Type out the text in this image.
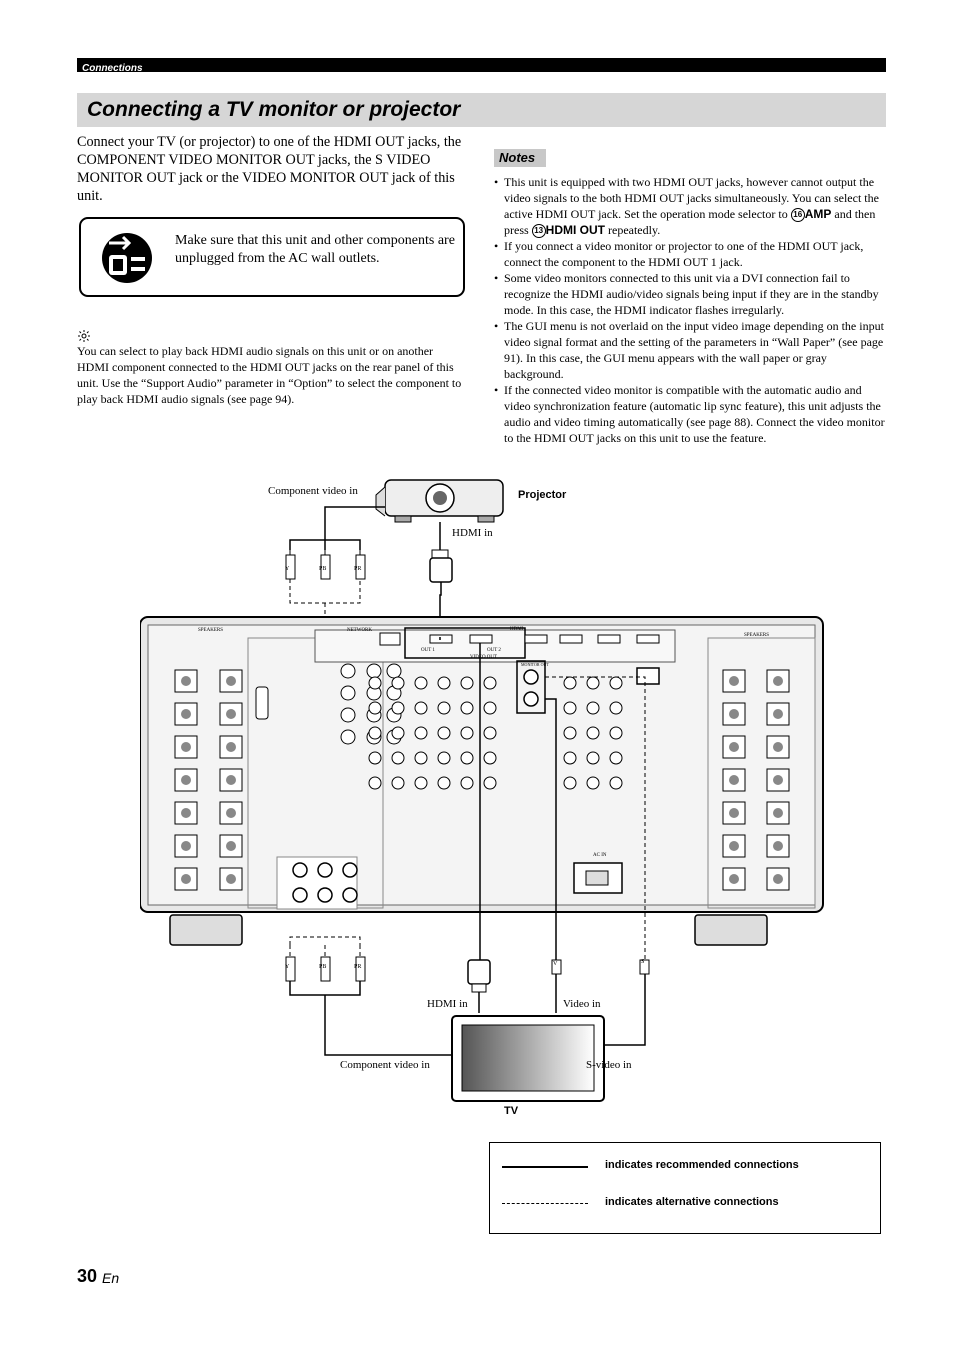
Connections
Connecting a TV monitor or projector

Connect your TV (or projector) to one of the HDMI OUT jacks, the COMPONENT VIDEO MONITOR OUT jacks, the S VIDEO MONITOR OUT jack or the VIDEO MONITOR OUT jack of this unit.

Make sure that this unit and other components are unplugged from the AC wall outlets.

You can select to play back HDMI audio signals on this unit or on another HDMI component connected to the HDMI OUT jacks on the rear panel of this unit. Use the “Support Audio” parameter in “Option” to select the component to play back HDMI audio signals (see page 94).

Notes
• This unit is equipped with two HDMI OUT jacks, however cannot output the video signals to the both HDMI OUT jacks simultaneously. You can select the active HDMI OUT jack. Set the operation mode selector to 16 AMP and then press 13 HDMI OUT repeatedly.
• If you connect a video monitor or projector to one of the HDMI OUT jack, connect the component to the HDMI OUT 1 jack.
• Some video monitors connected to this unit via a DVI connection fail to recognize the HDMI audio/video signals being input if they are in the standby mode. In this case, the HDMI indicator flashes irregularly.
• The GUI menu is not overlaid on the input video image depending on the input video signal format and the setting of the parameters in “Wall Paper” (see page 91). In this case, the GUI menu appears with the wall paper or gray background.
• If the connected video monitor is compatible with the automatic audio and video synchronization feature (automatic lip sync feature), this unit adjusts the audio and video timing automatically (see page 88). Connect the video monitor to the HDMI OUT jacks on this unit to use the feature.
Component video in	Projector
HDMI in
Y	PB	PR
SPEAKERS
SPEAKERS
NETWORK	HDMI
OUT 1	OUT 2
VIDEO OUT
MONITOR OUT
AC IN
Y	PB	PR	V	S
HDMI in	Video in
Component video in	S-video in
TV
indicates recommended connections
indicates alternative connections
30 En
